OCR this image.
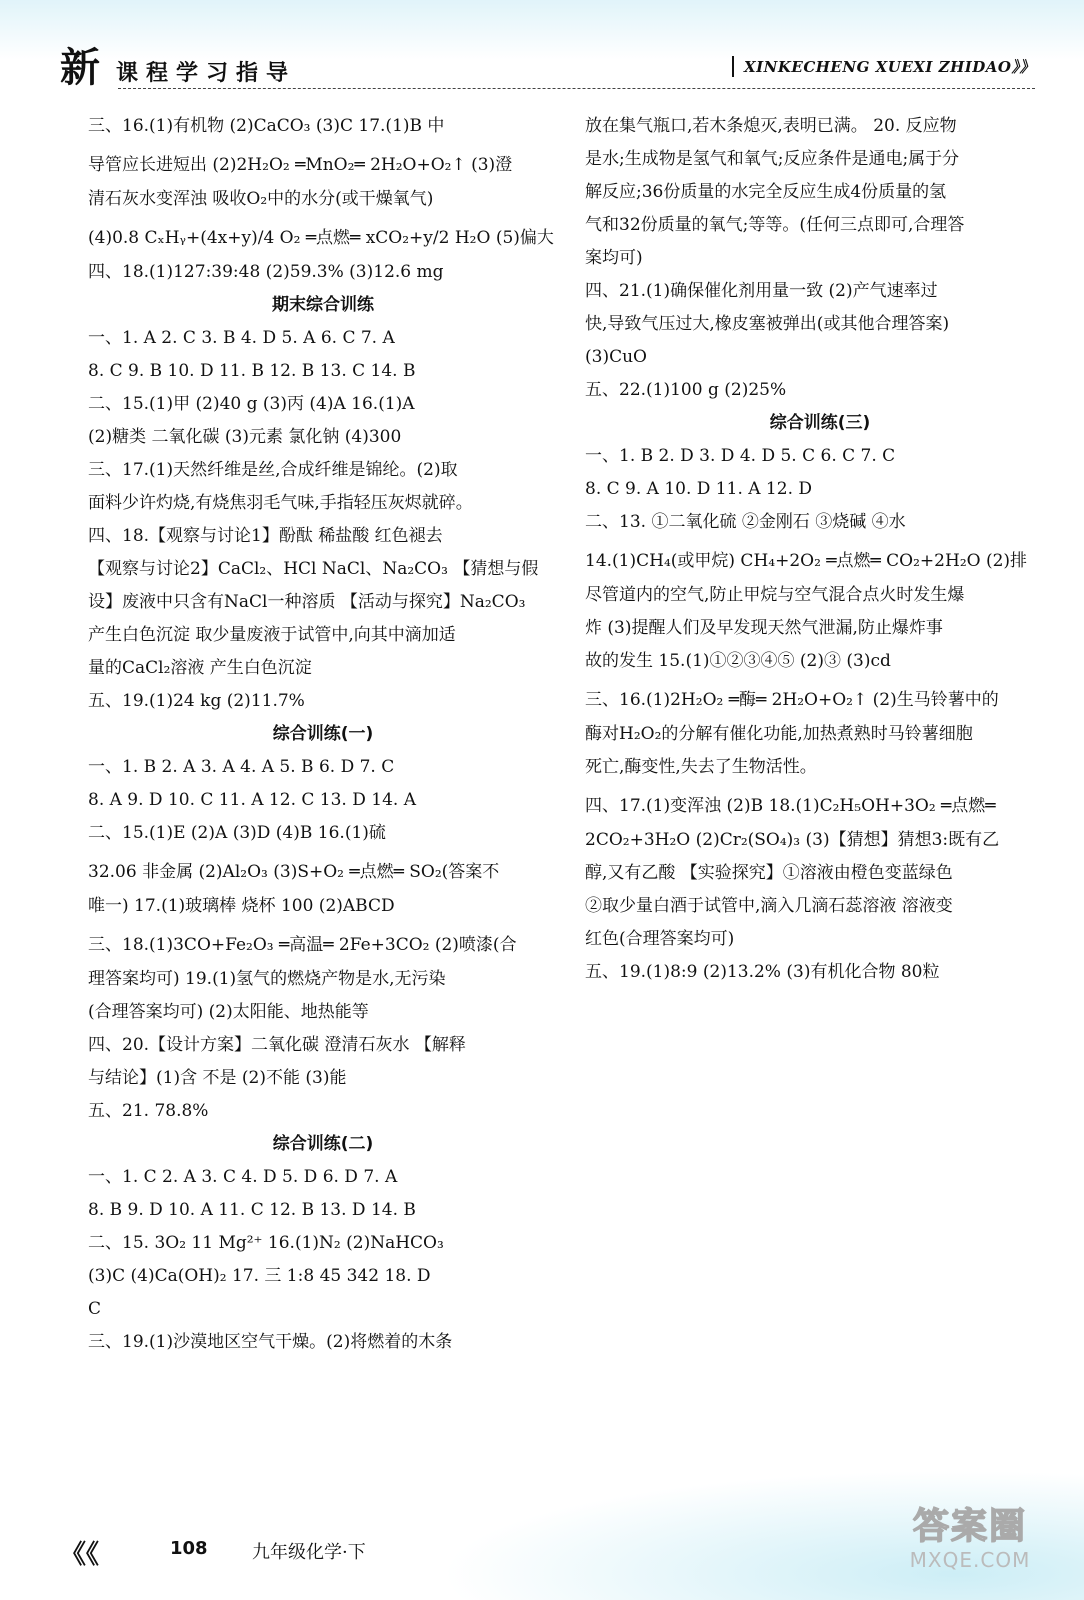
新 课程学习指导	XINKECHENG XUEXI ZHIDAO》》
三、16.(1)有机物 (2)CaCO₃ (3)C 17.(1)B 中
导管应长进短出 (2)2H₂O₂ ═MnO₂═ 2H₂O+O₂↑ (3)澄
清石灰水变浑浊 吸收O₂中的水分(或干燥氧气)
(4)0.8 CₓHᵧ+(4x+y)/4 O₂ ═点燃═ xCO₂+y/2 H₂O (5)偏大
四、18.(1)127:39:48 (2)59.3% (3)12.6 mg
期末综合训练
一、1. A 2. C 3. B 4. D 5. A 6. C 7. A
8. C 9. B 10. D 11. B 12. B 13. C 14. B
二、15.(1)甲 (2)40 g (3)丙 (4)A 16.(1)A
(2)糖类 二氧化碳 (3)元素 氯化钠 (4)300
三、17.(1)天然纤维是丝,合成纤维是锦纶。(2)取
面料少许灼烧,有烧焦羽毛气味,手指轻压灰烬就碎。
四、18.【观察与讨论1】酚酞 稀盐酸 红色褪去
【观察与讨论2】CaCl₂、HCl NaCl、Na₂CO₃ 【猜想与假
设】废液中只含有NaCl一种溶质 【活动与探究】Na₂CO₃
产生白色沉淀 取少量废液于试管中,向其中滴加适
量的CaCl₂溶液 产生白色沉淀
五、19.(1)24 kg (2)11.7%
综合训练(一)
一、1. B 2. A 3. A 4. A 5. B 6. D 7. C
8. A 9. D 10. C 11. A 12. C 13. D 14. A
二、15.(1)E (2)A (3)D (4)B 16.(1)硫
32.06 非金属 (2)Al₂O₃ (3)S+O₂ ═点燃═ SO₂(答案不
唯一) 17.(1)玻璃棒 烧杯 100 (2)ABCD
三、18.(1)3CO+Fe₂O₃ ═高温═ 2Fe+3CO₂ (2)喷漆(合
理答案均可) 19.(1)氢气的燃烧产物是水,无污染
(合理答案均可) (2)太阳能、地热能等
四、20.【设计方案】二氧化碳 澄清石灰水 【解释
与结论】(1)含 不是 (2)不能 (3)能
五、21. 78.8%
综合训练(二)
一、1. C 2. A 3. C 4. D 5. D 6. D 7. A
8. B 9. D 10. A 11. C 12. B 13. D 14. B
二、15. 3O₂ 11 Mg²⁺ 16.(1)N₂ (2)NaHCO₃
(3)C (4)Ca(OH)₂ 17. 三 1:8 45 342 18. D
C
三、19.(1)沙漠地区空气干燥。(2)将燃着的木条
放在集气瓶口,若木条熄灭,表明已满。 20. 反应物
是水;生成物是氢气和氧气;反应条件是通电;属于分
解反应;36份质量的水完全反应生成4份质量的氢
气和32份质量的氧气;等等。(任何三点即可,合理答
案均可)
四、21.(1)确保催化剂用量一致 (2)产气速率过
快,导致气压过大,橡皮塞被弹出(或其他合理答案)
(3)CuO
五、22.(1)100 g (2)25%
综合训练(三)
一、1. B 2. D 3. D 4. D 5. C 6. C 7. C
8. C 9. A 10. D 11. A 12. D
二、13. ①二氧化硫 ②金刚石 ③烧碱 ④水
14.(1)CH₄(或甲烷) CH₄+2O₂ ═点燃═ CO₂+2H₂O (2)排
尽管道内的空气,防止甲烷与空气混合点火时发生爆
炸 (3)提醒人们及早发现天然气泄漏,防止爆炸事
故的发生 15.(1)①②③④⑤ (2)③ (3)cd
三、16.(1)2H₂O₂ ═酶═ 2H₂O+O₂↑ (2)生马铃薯中的
酶对H₂O₂的分解有催化功能,加热煮熟时马铃薯细胞
死亡,酶变性,失去了生物活性。
四、17.(1)变浑浊 (2)B 18.(1)C₂H₅OH+3O₂ ═点燃═
2CO₂+3H₂O (2)Cr₂(SO₄)₃ (3)【猜想】猜想3:既有乙
醇,又有乙酸 【实验探究】①溶液由橙色变蓝绿色
②取少量白酒于试管中,滴入几滴石蕊溶液 溶液变
红色(合理答案均可)
五、19.(1)8:9 (2)13.2% (3)有机化合物 80粒
《《	108 九年级化学·下
答案圈
MXQE.COM
